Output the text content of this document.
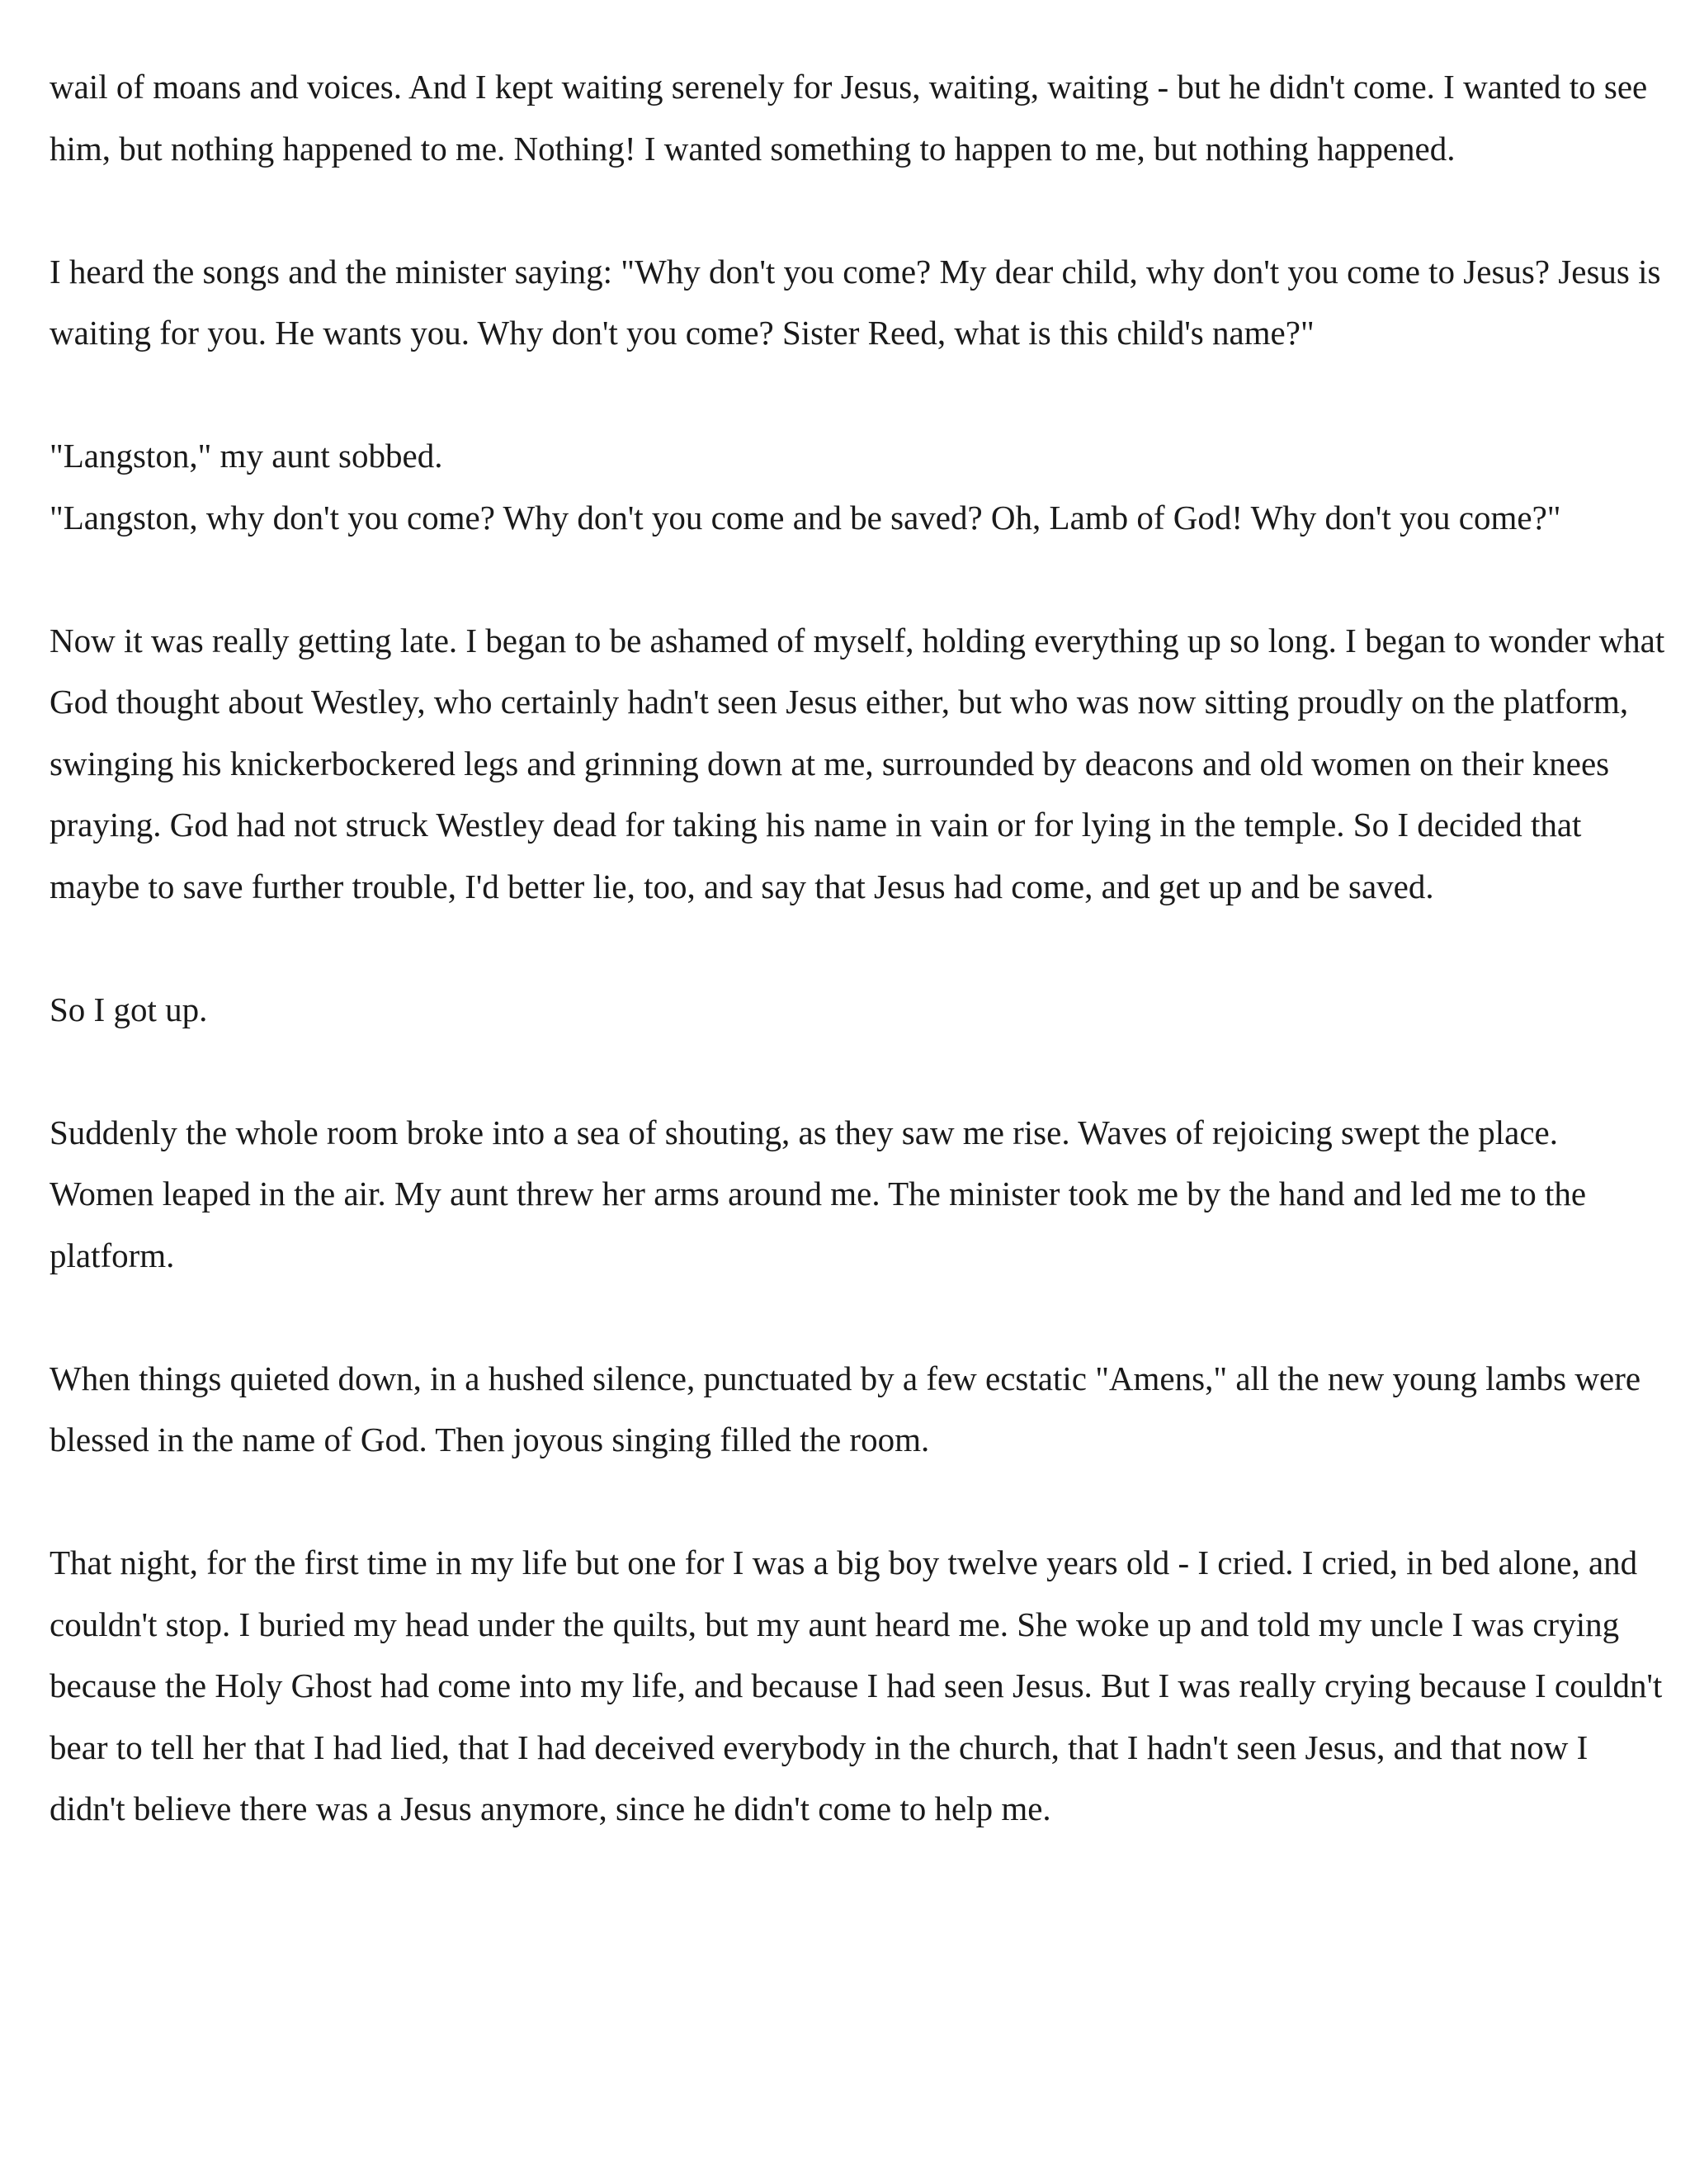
wail of moans and voices. And I kept waiting serenely for Jesus, waiting, waiting - but he didn't come. I wanted to see him, but nothing happened to me. Nothing! I wanted something to happen to me, but nothing happened.

I heard the songs and the minister saying: "Why don't you come? My dear child, why don't you come to Jesus? Jesus is waiting for you. He wants you. Why don't you come? Sister Reed, what is this child's name?"

"Langston," my aunt sobbed.

"Langston, why don't you come? Why don't you come and be saved? Oh, Lamb of God! Why don't you come?"

Now it was really getting late. I began to be ashamed of myself, holding everything up so long. I began to wonder what God thought about Westley, who certainly hadn't seen Jesus either, but who was now sitting proudly on the platform, swinging his knickerbockered legs and grinning down at me, surrounded by deacons and old women on their knees praying. God had not struck Westley dead for taking his name in vain or for lying in the temple. So I decided that maybe to save further trouble, I'd better lie, too, and say that Jesus had come, and get up and be saved.

So I got up.

Suddenly the whole room broke into a sea of shouting, as they saw me rise. Waves of rejoicing swept the place. Women leaped in the air. My aunt threw her arms around me. The minister took me by the hand and led me to the platform.

When things quieted down, in a hushed silence, punctuated by a few ecstatic "Amens," all the new young lambs were blessed in the name of God. Then joyous singing filled the room.

That night, for the first time in my life but one for I was a big boy twelve years old - I cried. I cried, in bed alone, and couldn't stop. I buried my head under the quilts, but my aunt heard me. She woke up and told my uncle I was crying because the Holy Ghost had come into my life, and because I had seen Jesus. But I was really crying because I couldn't bear to tell her that I had lied, that I had deceived everybody in the church, that I hadn't seen Jesus, and that now I didn't believe there was a Jesus anymore, since he didn't come to help me.
